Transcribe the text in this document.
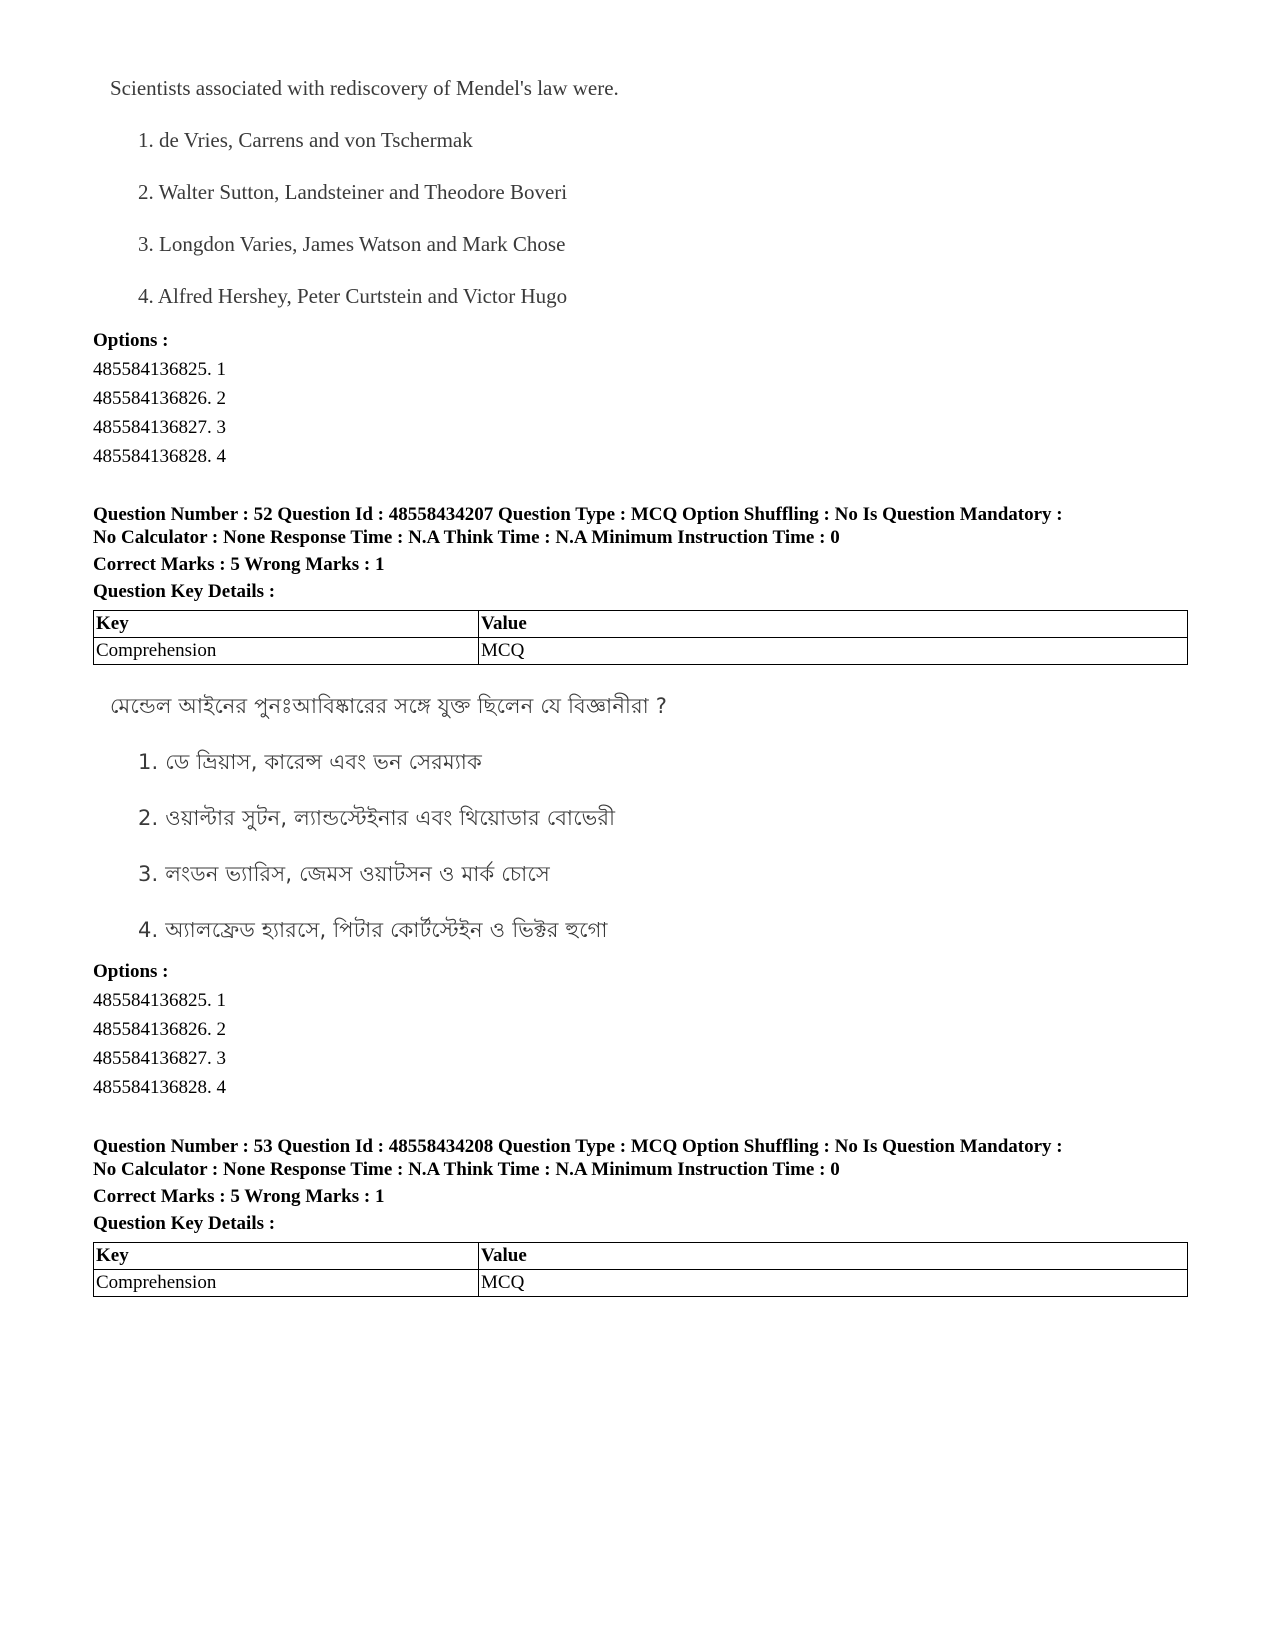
Scientists associated with rediscovery of Mendel's law were.
1. de Vries, Carrens and von Tschermak
2. Walter Sutton, Landsteiner and Theodore Boveri
3. Longdon Varies, James Watson and Mark Chose
4. Alfred Hershey, Peter Curtstein and Victor Hugo
Options :
485584136825. 1
485584136826. 2
485584136827. 3
485584136828. 4
Question Number : 52 Question Id : 48558434207 Question Type : MCQ Option Shuffling : No Is Question Mandatory :
No Calculator : None Response Time : N.A Think Time : N.A Minimum Instruction Time : 0
Correct Marks : 5 Wrong Marks : 1
Question Key Details :
Key	Value
Comprehension	MCQ
মেন্ডেল আইনের পুনঃআবিষ্কারের সঙ্গে যুক্ত ছিলেন যে বিজ্ঞানীরা ?
1. ডে ভ্রিয়াস, কারেন্স এবং ভন সেরম্যাক
2. ওয়াল্টার সুটন, ল্যান্ডস্টেইনার এবং থিয়োডার বোভেরী
3. লংডন ভ্যারিস, জেমস ওয়াটসন ও মার্ক চোসে
4. অ্যালফ্রেড হ্যারসে, পিটার কোর্টস্টেইন ও ভিক্টর হুগো
Options :
485584136825. 1
485584136826. 2
485584136827. 3
485584136828. 4
Question Number : 53 Question Id : 48558434208 Question Type : MCQ Option Shuffling : No Is Question Mandatory :
No Calculator : None Response Time : N.A Think Time : N.A Minimum Instruction Time : 0
Correct Marks : 5 Wrong Marks : 1
Question Key Details :
Key	Value
Comprehension	MCQ
